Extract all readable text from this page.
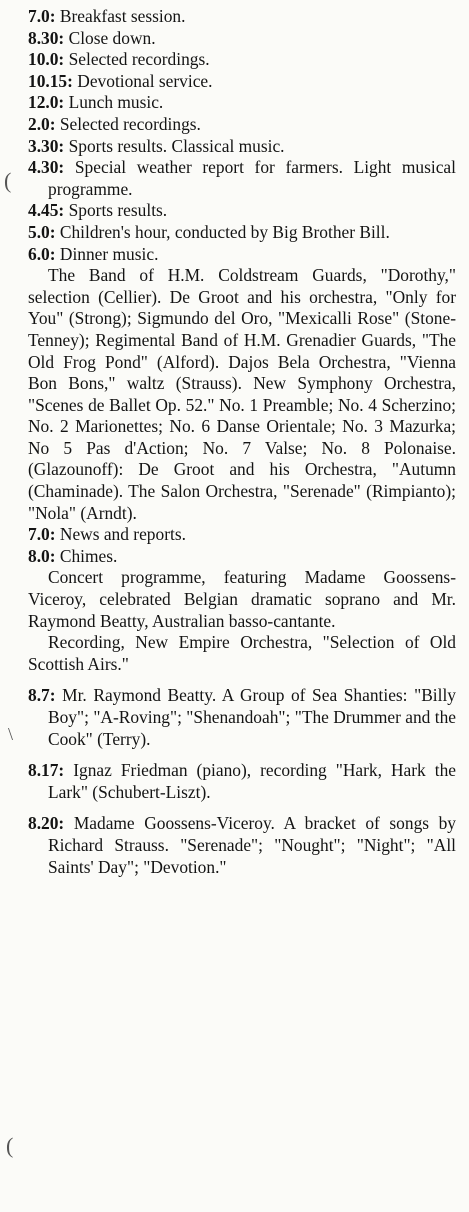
(
\
(
7.0: Breakfast session.
8.30: Close down.
10.0: Selected recordings.
10.15: Devotional service.
12.0: Lunch music.
2.0: Selected recordings.
3.30: Sports results. Classical music.
4.30: Special weather report for farmers. Light musical programme.
4.45: Sports results.
5.0: Children's hour, conducted by Big Brother Bill.
6.0: Dinner music.
The Band of H.M. Coldstream Guards, "Dorothy," selection (Cellier). De Groot and his orchestra, "Only for You" (Strong); Sigmundo del Oro, "Mexicalli Rose" (Stone-Tenney); Regimental Band of H.M. Grenadier Guards, "The Old Frog Pond" (Alford). Dajos Bela Orchestra, "Vienna Bon Bons," waltz (Strauss). New Symphony Orchestra, "Scenes de Ballet Op. 52." No. 1 Preamble; No. 4 Scherzino; No. 2 Marionettes; No. 6 Danse Orientale; No. 3 Mazurka; No 5 Pas d'Action; No. 7 Valse; No. 8 Polonaise. (Glazounoff): De Groot and his Orchestra, "Autumn (Chaminade). The Salon Orchestra, "Serenade" (Rimpianto); "Nola" (Arndt).
7.0: News and reports.
8.0: Chimes.
Concert programme, featuring Madame Goossens-Viceroy, celebrated Belgian dramatic soprano and Mr. Raymond Beatty, Australian basso-cantante.
Recording, New Empire Orchestra, "Selection of Old Scottish Airs."
8.7: Mr. Raymond Beatty. A Group of Sea Shanties: "Billy Boy"; "A-Roving"; "Shenandoah"; "The Drummer and the Cook" (Terry).
8.17: Ignaz Friedman (piano), recording "Hark, Hark the Lark" (Schubert-Liszt).
8.20: Madame Goossens-Viceroy. A bracket of songs by Richard Strauss. "Serenade"; "Nought"; "Night"; "All Saints' Day"; "Devotion."
